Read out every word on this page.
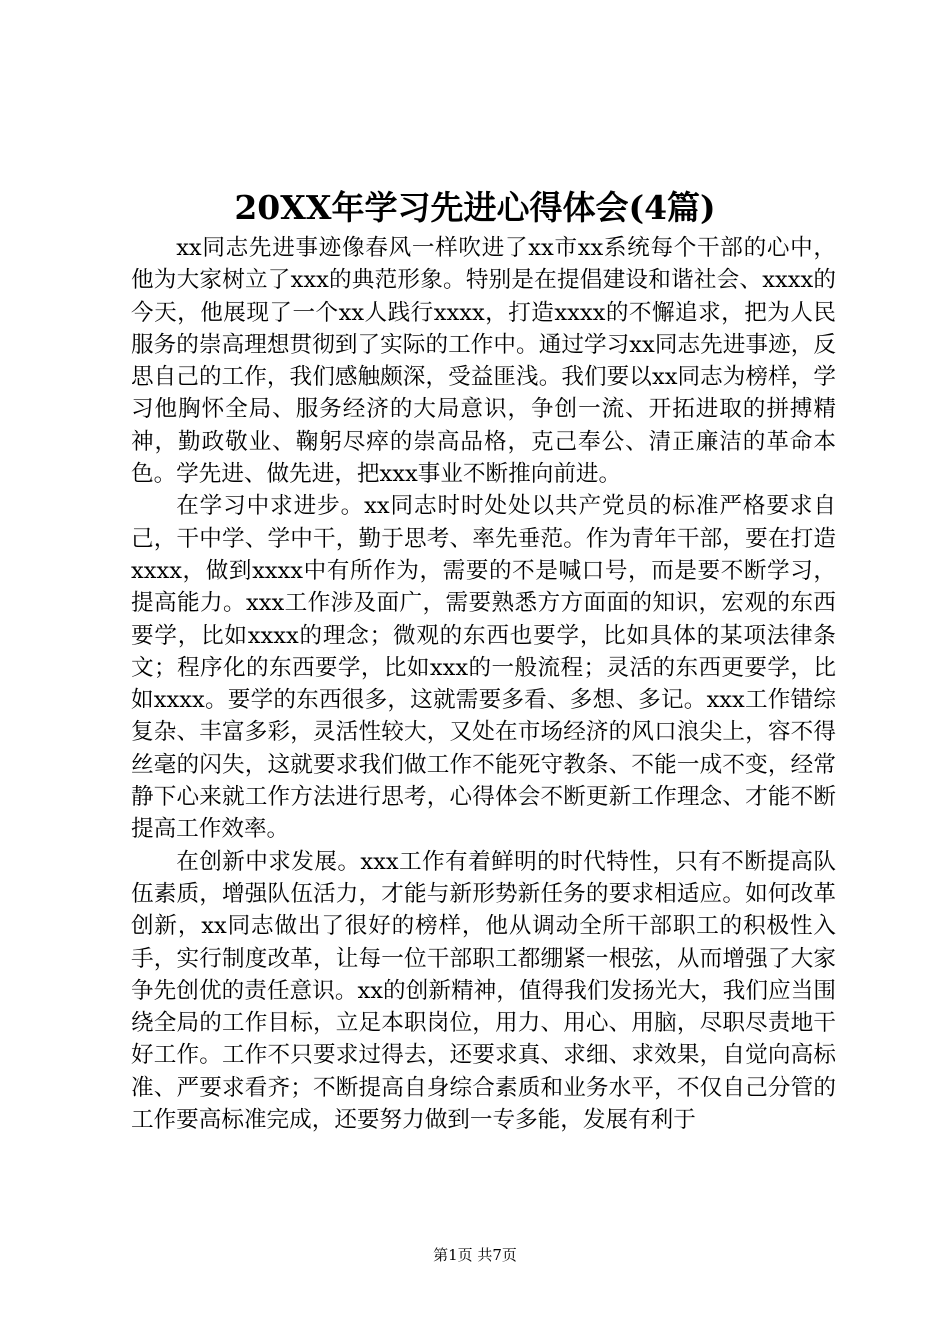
20XX年学习先进心得体会(4篇)

xx同志先进事迹像春风一样吹进了xx市xx系统每个干部的心中，他为大家树立了xxx的典范形象。特别是在提倡建设和谐社会、xxxx的今天，他展现了一个xx人践行xxxx，打造xxxx的不懈追求，把为人民服务的崇高理想贯彻到了实际的工作中。通过学习xx同志先进事迹，反思自己的工作，我们感触颇深，受益匪浅。我们要以xx同志为榜样，学习他胸怀全局、服务经济的大局意识，争创一流、开拓进取的拼搏精神，勤政敬业、鞠躬尽瘁的崇高品格，克己奉公、清正廉洁的革命本色。学先进、做先进，把xxx事业不断推向前进。

在学习中求进步。xx同志时时处处以共产党员的标准严格要求自己，干中学、学中干，勤于思考、率先垂范。作为青年干部，要在打造xxxx，做到xxxx中有所作为，需要的不是喊口号，而是要不断学习，提高能力。xxx工作涉及面广，需要熟悉方方面面的知识，宏观的东西要学，比如xxxx的理念；微观的东西也要学，比如具体的某项法律条文；程序化的东西要学，比如xxx的一般流程；灵活的东西更要学，比如xxxx。要学的东西很多，这就需要多看、多想、多记。xxx工作错综复杂、丰富多彩，灵活性较大，又处在市场经济的风口浪尖上，容不得丝毫的闪失，这就要求我们做工作不能死守教条、不能一成不变，经常静下心来就工作方法进行思考，心得体会不断更新工作理念、才能不断提高工作效率。

在创新中求发展。xxx工作有着鲜明的时代特性，只有不断提高队伍素质，增强队伍活力，才能与新形势新任务的要求相适应。如何改革创新，xx同志做出了很好的榜样，他从调动全所干部职工的积极性入手，实行制度改革，让每一位干部职工都绷紧一根弦，从而增强了大家争先创优的责任意识。xx的创新精神，值得我们发扬光大，我们应当围绕全局的工作目标，立足本职岗位，用力、用心、用脑，尽职尽责地干好工作。工作不只要求过得去，还要求真、求细、求效果，自觉向高标准、严要求看齐；不断提高自身综合素质和业务水平，不仅自己分管的工作要高标准完成，还要努力做到一专多能，发展有利于

第1页 共7页
